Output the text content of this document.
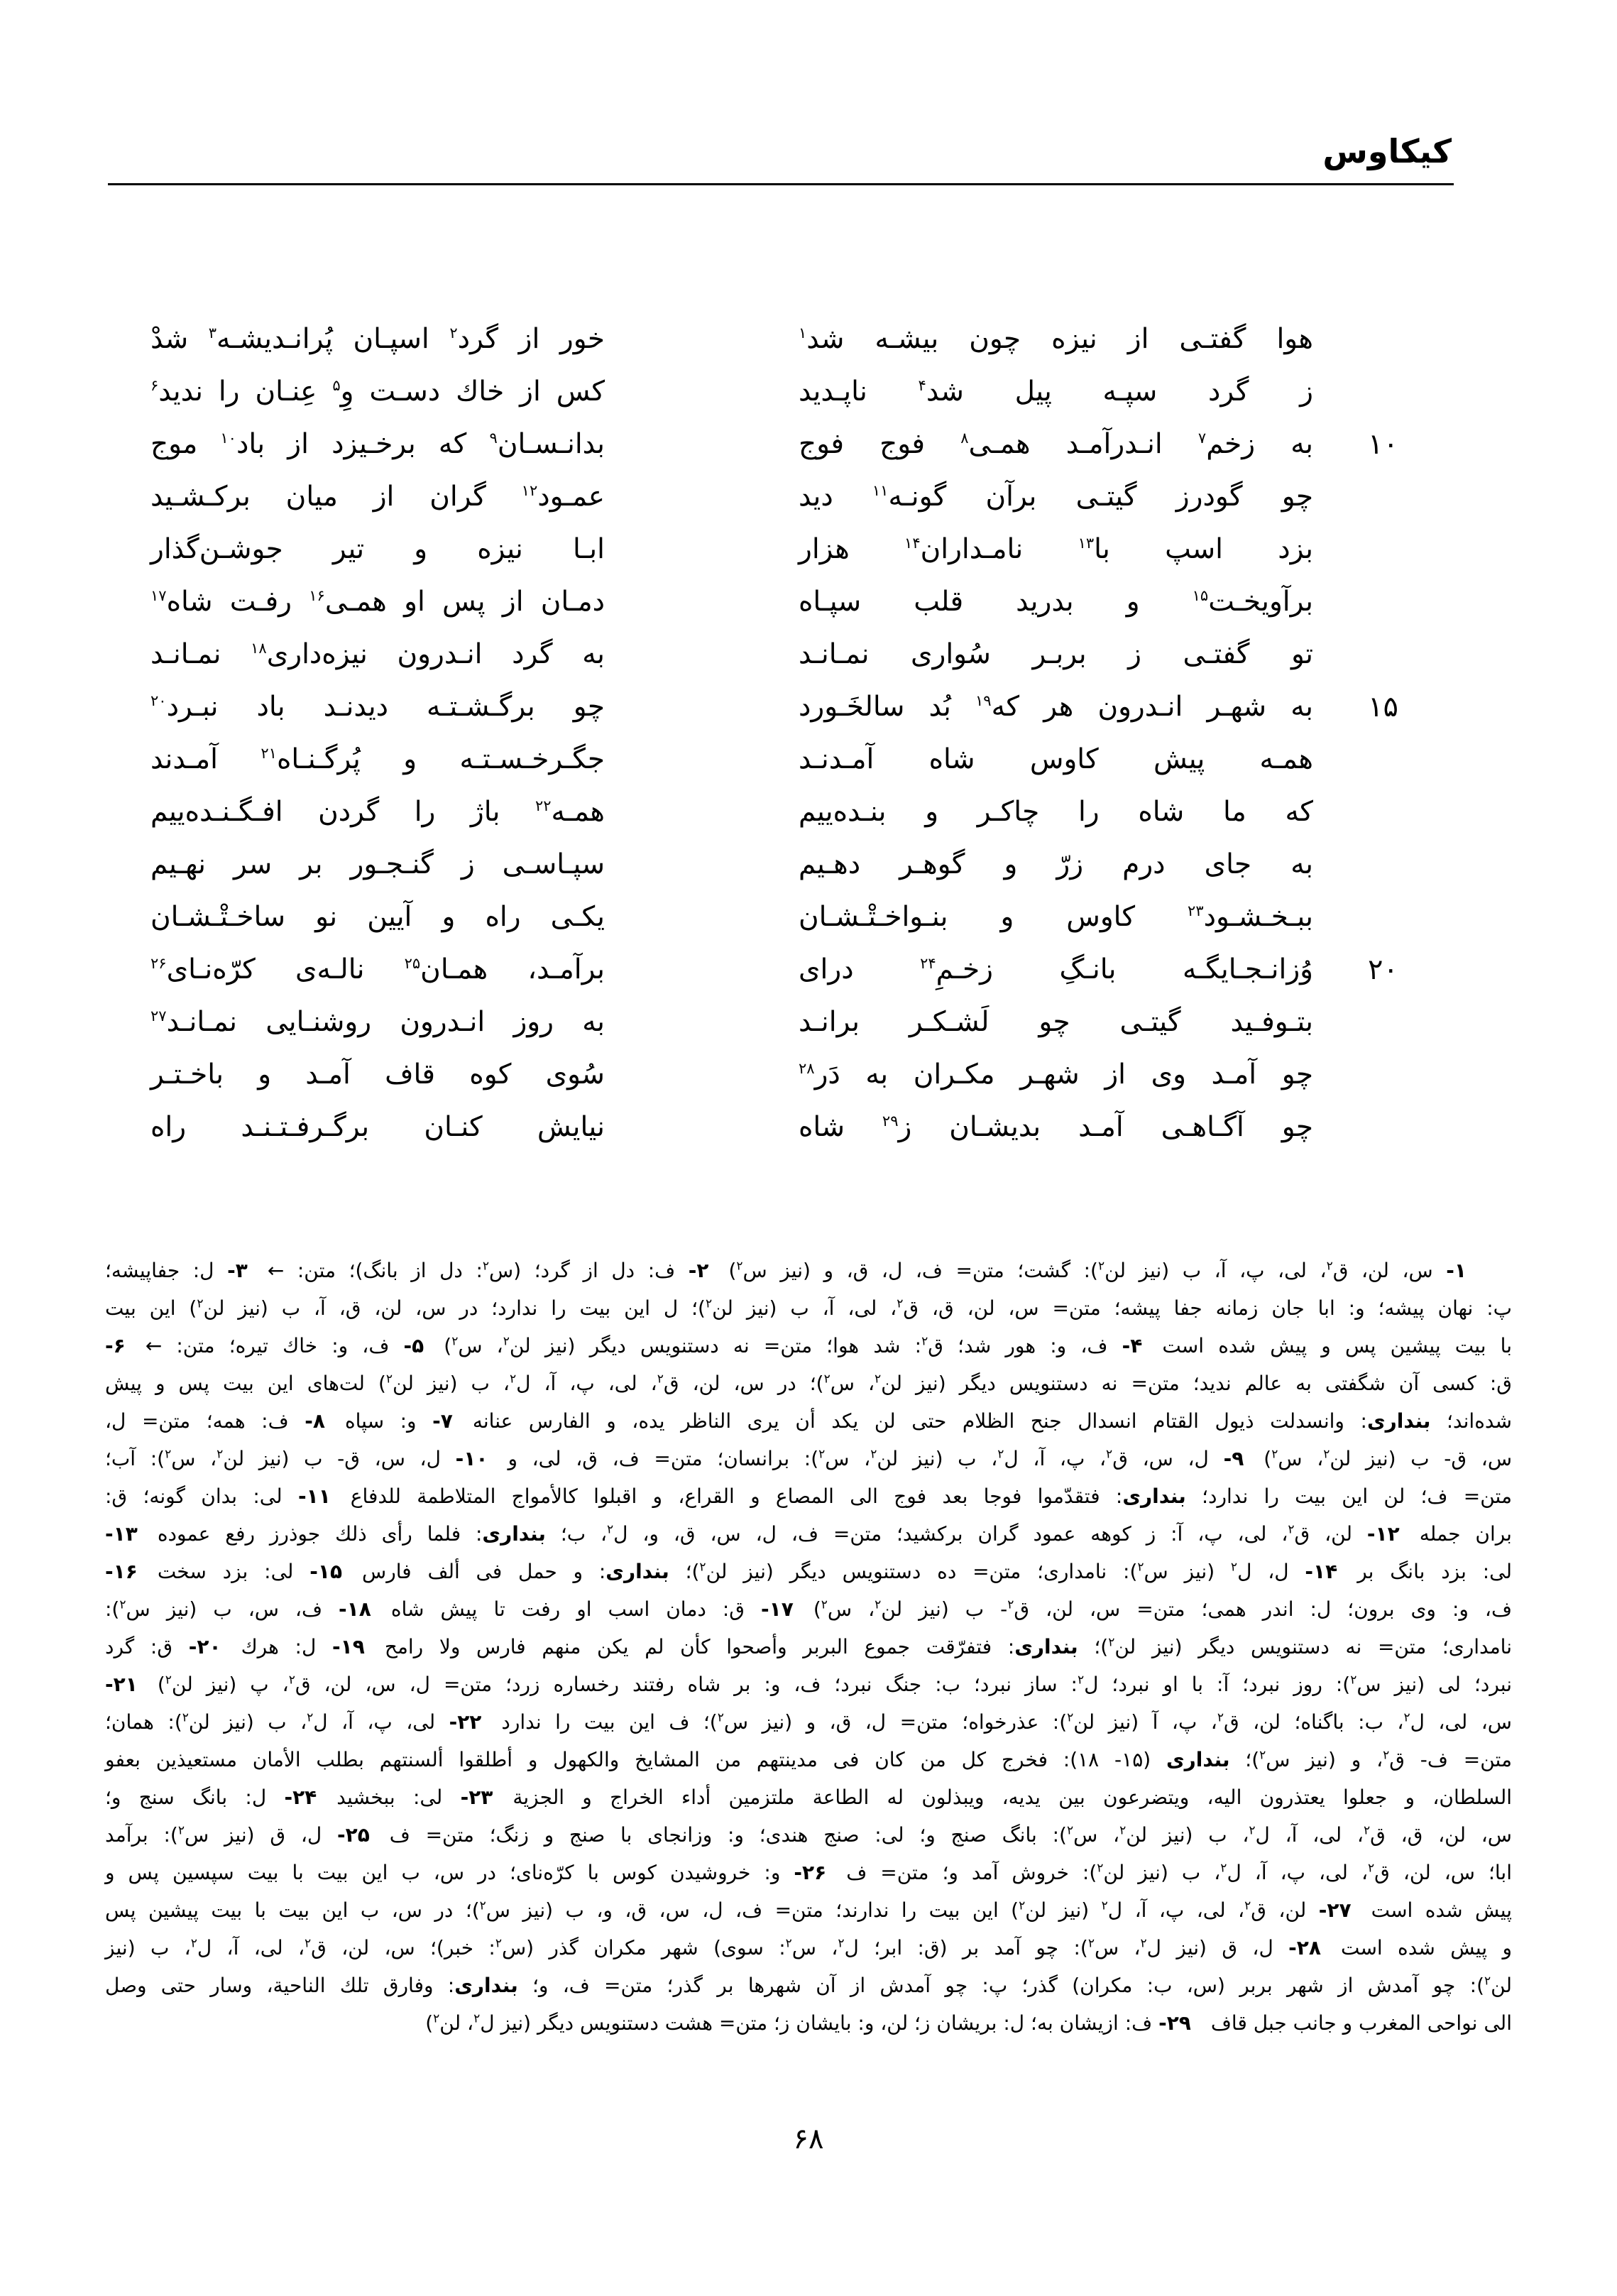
کیکاوس
هوا گفتـی از نیزه چون بیشـه شد$^۱$
خور از گرد$^۲$ اسپـان پُرانـدیشـه$^۳$ شدْ
ز گرد سپـه پیل شد$^۴$ ناپـدید
کس از خاك دسـت وِ$^۵$ عِنـان را ندید$^۶$
۱۰
به زخم$^۷$ انـدرآمـد همـی$^۸$ فوج فوج
بدانـسـان$^۹$ که برخـیزد از باد$^{۱۰}$ موج
چو گودرز گیتـی برآن گونـه$^{۱۱}$ دید
عمـود$^{۱۲}$ گران از میان برکـشـید
بزد اسپ با$^{۱۳}$ نامـداران$^{۱۴}$ هزار
ابـا نیزه و تیر جوشـن‌گذار
برآویخـت$^{۱۵}$ و بدرید قلب سپـاه
دمـان از پس او همـی$^{۱۶}$ رفـت شاه$^{۱۷}$
تو گفتـی ز بربـر سُواری نمـانـد
به گرد انـدرون نیزه‌داری$^{۱۸}$ نمـانـد
۱۵
به شهـر انـدرون هر که$^{۱۹}$ بُد سالخَـورد
چو برگـشـتـه دیدنـد باد نبـرد$^{۲۰}$
همـه پیش کاوس شاه آمـدنـد
جگـرخـسـتـه و پُرگـنـاه$^{۲۱}$ آمـدند
که ما شاه را چاکـر و بنـده‌ییم
همـه$^{۲۲}$ باژ را گردن افـگـنـده‌ییم
به جای درم زرّ و گوهـر دهـیم
سپـاسـی ز گنـجـور بر سر نهـیم
ببـخـشـود$^{۲۳}$ کاوس و بنـواخـتْـشـان
یکـی راه و آیین نو ساخـتْـشـان
۲۰
وُزانـجـایگـه بانـگِ زخـمِ$^{۲۴}$ درای
برآمـد، همـان$^{۲۵}$ نالـه‌ی کرّه‌نـای$^{۲۶}$
بتـوفـید گیتـی چو لَشـکـر برانـد
به روز انـدرون روشنـایی نمـانـد$^{۲۷}$
چو آمـد وی از شهـر مکـران به دَر$^{۲۸}$
سُوی کوه قاف آمـد و باخـتـر
چو آگـاهـی آمـد بدیشـان ز$^{۲۹}$ شاه
نیایش کنـان برگـرفـتـنـد راه
۱- س، لن، ق$^۲$، لی، پ، آ، ب (نیز لن$^۲$): گشت؛ متن= ف، ل، ق، و (نیز س$^۲$) ۲- ف: دل از گرد؛ (س$^۲$: دل از بانگ)؛ متن: ← ۳- ل: جفاپیشه؛
پ: نهان پیشه؛ و: ابا جان زمانه جفا پیشه؛ متن= س، لن، ق، ق$^۲$، لی، آ، ب (نیز لن$^۲$)؛ ل این بیت را ندارد؛ در س، لن، ق، آ، ب (نیز لن$^۲$) این بیت
با بیت پیشین پس و پیش شده است ۴- ف، و: هور شد؛ ق$^۲$: شد هوا؛ متن= نه دستنویس دیگر (نیز لن$^۲$، س$^۲$) ۵- ف، و: خاك تیره؛ متن: ← ۶-
ق: کسی آن شگفتی به عالم ندید؛ متن= نه دستنویس دیگر (نیز لن$^۲$، س$^۲$)؛ در س، لن، ق$^۲$، لی، پ، آ، ل$^۲$، ب (نیز لن$^۲$) لت‌های این بیت پس و پیش
شده‌اند؛ بنداری: وانسدلت ذیول القتام انسدال جنح الظلام حتی لن یکد أن یری الناظر یده، و الفارس عنانه ۷- و: سپاه ۸- ف: همه؛ متن= ل،
س، ق- ب (نیز لن$^۲$، س$^۲$) ۹- ل، س، ق$^۲$، پ، آ، ل$^۲$، ب (نیز لن$^۲$، س$^۲$): برانسان؛ متن= ف، ق، لی، و ۱۰- ل، س، ق- ب (نیز لن$^۲$، س$^۲$): آب؛
متن= ف؛ لن این بیت را ندارد؛ بنداری: فتقدّموا فوجا بعد فوج الی المصاع و القراع، و اقبلوا کالأمواج المتلاطمة للدفاع ۱۱- لی: بدان گونه؛ ق:
بران جمله ۱۲- لن، ق$^۲$، لی، پ، آ: ز کوهه عمود گران برکشید؛ متن= ف، ل، س، ق، و، ل$^۲$، ب؛ بنداری: فلما رأی ذلك جوذرز رفع عموده ۱۳-
لی: بزد بانگ بر ۱۴- ل، ل$^۲$ (نیز س$^۲$): نامداری؛ متن= ده دستنویس دیگر (نیز لن$^۲$)؛ بنداری: و حمل فی ألف فارس ۱۵- لی: بزد سخت ۱۶-
ف، و: وی برون؛ ل: اندر همی؛ متن= س، لن، ق$^۲$- ب (نیز لن$^۲$، س$^۲$) ۱۷- ق: دمان اسب او رفت تا پیش شاه ۱۸- ف، س، ب (نیز س$^۲$):
نامداری؛ متن= نه دستنویس دیگر (نیز لن$^۲$)؛ بنداری: فتفرّقت جموع البربر وأصحوا کأن لم یکن منهم فارس ولا رامح ۱۹- ل: هرك ۲۰- ق: گرد
نبرد؛ لی (نیز س$^۲$): روز نبرد؛ آ: با او نبرد؛ ل$^۲$: ساز نبرد؛ ب: جنگ نبرد؛ ف، و: بر شاه رفتند رخساره زرد؛ متن= ل، س، لن، ق$^۲$، پ (نیز لن$^۲$) ۲۱-
س، لی، ل$^۲$، ب: باگناه؛ لن، ق$^۲$، پ، آ (نیز لن$^۲$): عذرخواه؛ متن= ل، ق، و (نیز س$^۲$)؛ ف این بیت را ندارد ۲۲- لی، پ، آ، ل$^۲$، ب (نیز لن$^۲$): همان؛
متن= ف- ق$^۲$، و (نیز س$^۲$)؛ بنداری (۱۵- ۱۸): فخرج کل من کان فی مدینتهم من المشایخ والکهول و أطلقوا ألسنتهم بطلب الأمان مستعیذین بعفو
السلطان، و جعلوا یعتذرون الیه، ویتضرعون بین یدیه، ویبذلون له الطاعة ملتزمین أداء الخراج و الجزیة ۲۳- لی: ببخشید ۲۴- ل: بانگ سنج و؛
س، لن، ق، ق$^۲$، لی، آ، ل$^۲$، ب (نیز لن$^۲$، س$^۲$): بانگ صنج و؛ لی: صنج هندی؛ و: وزانجای با صنج و زنگ؛ متن= ف ۲۵- ل، ق (نیز س$^۲$): برآمد
ابا؛ س، لن، ق$^۲$، لی، پ، آ، ل$^۲$، ب (نیز لن$^۲$): خروش آمد و؛ متن= ف ۲۶- و: خروشیدن کوس با کرّه‌نای؛ در س، ب این بیت با بیت سپسین پس و
پیش شده است ۲۷- لن، ق$^۲$، لی، پ، آ، ل$^۲$ (نیز لن$^۲$) این بیت را ندارند؛ متن= ف، ل، س، ق، و، ب (نیز س$^۲$)؛ در س، ب این بیت با بیت پیشین پس
و پیش شده است ۲۸- ل، ق (نیز ل$^۲$، س$^۲$): چو آمد بر (ق: ابر؛ ل$^۲$، س$^۲$: سوی) شهر مکران گذر (س$^۲$: خبر)؛ س، لن، ق$^۲$، لی، آ، ل$^۲$، ب (نیز
لن$^۲$): چو آمدش از شهر بربر (س، ب: مکران) گذر؛ پ: چو آمدش از آن شهرها بر گذر؛ متن= ف، و؛ بنداری: وفارق تلك الناحیة، وسار حتی وصل
الی نواحی المغرب و جانب جبل قاف ۲۹- ف: ازیشان به؛ ل: بریشان ز؛ لن، و: بایشان ز؛ متن= هشت دستنویس دیگر (نیز ل$^۲$، لن$^۲$)
۶۸
